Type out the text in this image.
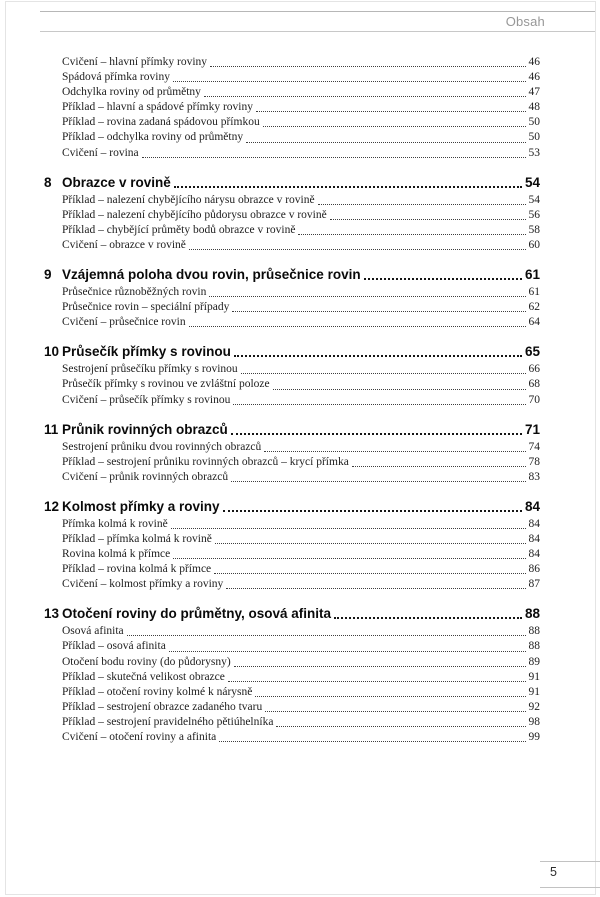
Obsah
Cvičení – hlavní přímky roviny	46
Spádová přímka roviny	46
Odchylka roviny od průmětny	47
Příklad – hlavní a spádové přímky roviny	48
Příklad – rovina zadaná spádovou přímkou	50
Příklad – odchylka roviny od průmětny	50
Cvičení – rovina	53
8 Obrazce v rovině	54
Příklad – nalezení chybějícího nárysu obrazce v rovině	54
Příklad – nalezení chybějícího půdorysu obrazce v rovině	56
Příklad – chybějící průměty bodů obrazce v rovině	58
Cvičení – obrazce v rovině	60
9 Vzájemná poloha dvou rovin, průsečnice rovin	61
Průsečnice různoběžných rovin	61
Průsečnice rovin – speciální případy	62
Cvičení – průsečnice rovin	64
10 Průsečík přímky s rovinou	65
Sestrojení průsečíku přímky s rovinou	66
Průsečík přímky s rovinou ve zvláštní poloze	68
Cvičení – průsečík přímky s rovinou	70
11 Průnik rovinných obrazců	71
Sestrojení průniku dvou rovinných obrazců	74
Příklad – sestrojení průniku rovinných obrazců – krycí přímka	78
Cvičení – průnik rovinných obrazců	83
12 Kolmost přímky a roviny	84
Přímka kolmá k rovině	84
Příklad – přímka kolmá k rovině	84
Rovina kolmá k přímce	84
Příklad – rovina kolmá k přímce	86
Cvičení – kolmost přímky a roviny	87
13 Otočení roviny do průmětny, osová afinita	88
Osová afinita	88
Příklad – osová afinita	88
Otočení bodu roviny (do půdorysny)	89
Příklad – skutečná velikost obrazce	91
Příklad – otočení roviny kolmé k nárysně	91
Příklad – sestrojení obrazce zadaného tvaru	92
Příklad – sestrojení pravidelného pětiúhelníka	98
Cvičení – otočení roviny a afinita	99
5
